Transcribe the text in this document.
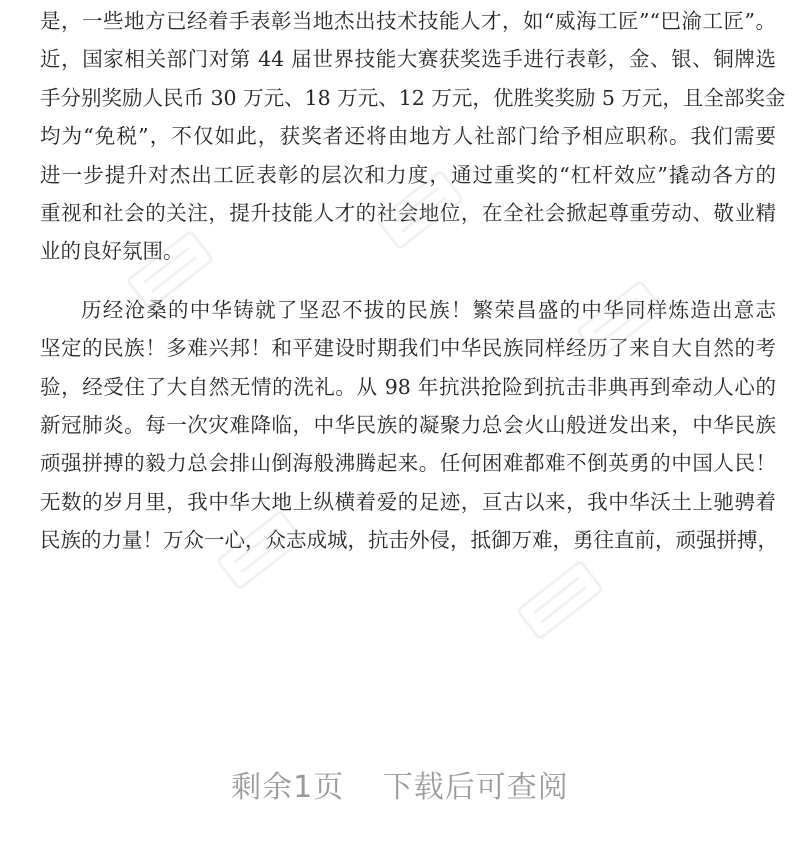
是，一些地方已经着手表彰当地杰出技术技能人才，如“威海工匠”“巴渝工匠”。
近，国家相关部门对第 44 届世界技能大赛获奖选手进行表彰，金、银、铜牌选
手分别奖励人民币 30 万元、18 万元、12 万元，优胜奖奖励 5 万元，且全部奖金
均为“免税”，不仅如此，获奖者还将由地方人社部门给予相应职称。我们需要
进一步提升对杰出工匠表彰的层次和力度，通过重奖的“杠杆效应”撬动各方的
重视和社会的关注，提升技能人才的社会地位，在全社会掀起尊重劳动、敬业精
业的良好氛围。
历经沧桑的中华铸就了坚忍不拔的民族！繁荣昌盛的中华同样炼造出意志
坚定的民族！多难兴邦！和平建设时期我们中华民族同样经历了来自大自然的考
验，经受住了大自然无情的洗礼。从 98 年抗洪抢险到抗击非典再到牵动人心的
新冠肺炎。每一次灾难降临，中华民族的凝聚力总会火山般迸发出来，中华民族
顽强拼搏的毅力总会排山倒海般沸腾起来。任何困难都难不倒英勇的中国人民！
无数的岁月里，我中华大地上纵横着爱的足迹，亘古以来，我中华沃土上驰骋着
民族的力量！万众一心，众志成城，抗击外侵，抵御万难，勇往直前，顽强拼搏，
剩余1页 下载后可查阅
